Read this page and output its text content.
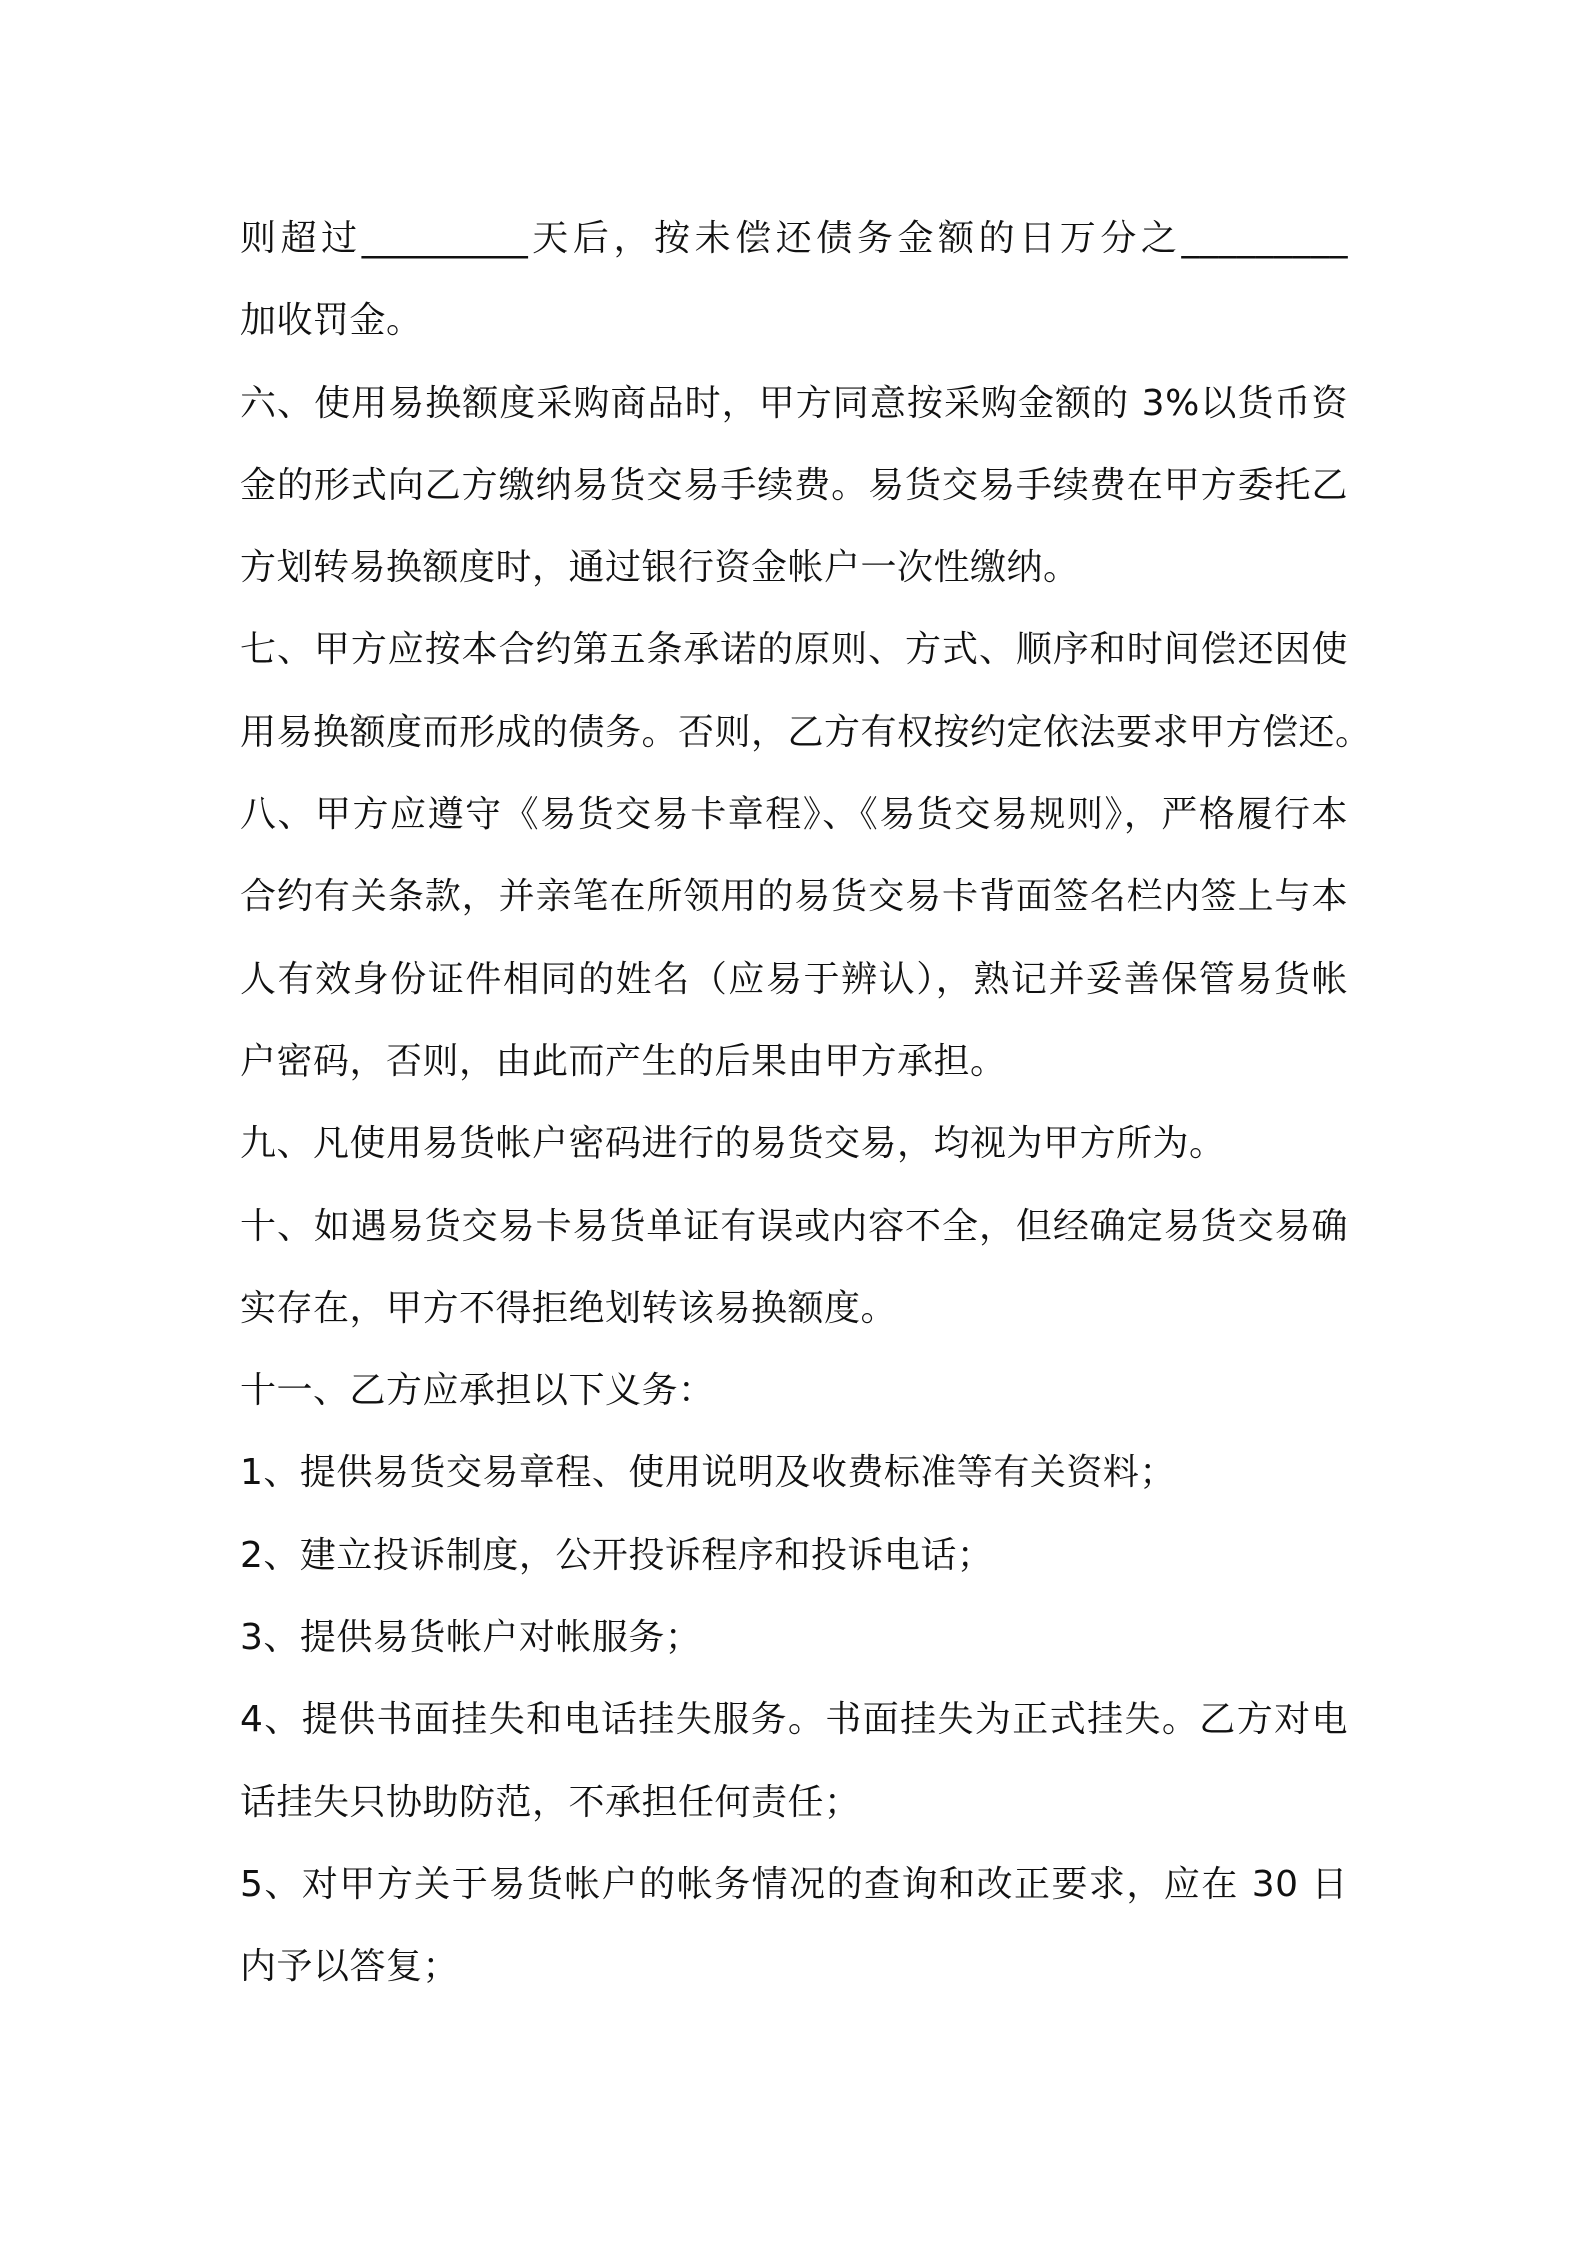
则超过_________天后，按未偿还债务金额的日万分之_________
加收罚金。
六、使用易换额度采购商品时，甲方同意按采购金额的 3%以货币资
金的形式向乙方缴纳易货交易手续费。易货交易手续费在甲方委托乙
方划转易换额度时，通过银行资金帐户一次性缴纳。
七、甲方应按本合约第五条承诺的原则、方式、顺序和时间偿还因使
用易换额度而形成的债务。否则，乙方有权按约定依法要求甲方偿还。
八、甲方应遵守《易货交易卡章程》、《易货交易规则》，严格履行本
合约有关条款，并亲笔在所领用的易货交易卡背面签名栏内签上与本
人有效身份证件相同的姓名（应易于辨认），熟记并妥善保管易货帐
户密码，否则，由此而产生的后果由甲方承担。
九、凡使用易货帐户密码进行的易货交易，均视为甲方所为。
十、如遇易货交易卡易货单证有误或内容不全，但经确定易货交易确
实存在，甲方不得拒绝划转该易换额度。
十一、乙方应承担以下义务：
1、提供易货交易章程、使用说明及收费标准等有关资料；
2、建立投诉制度，公开投诉程序和投诉电话；
3、提供易货帐户对帐服务；
4、提供书面挂失和电话挂失服务。书面挂失为正式挂失。乙方对电
话挂失只协助防范，不承担任何责任；
5、对甲方关于易货帐户的帐务情况的查询和改正要求，应在 30 日
内予以答复；
